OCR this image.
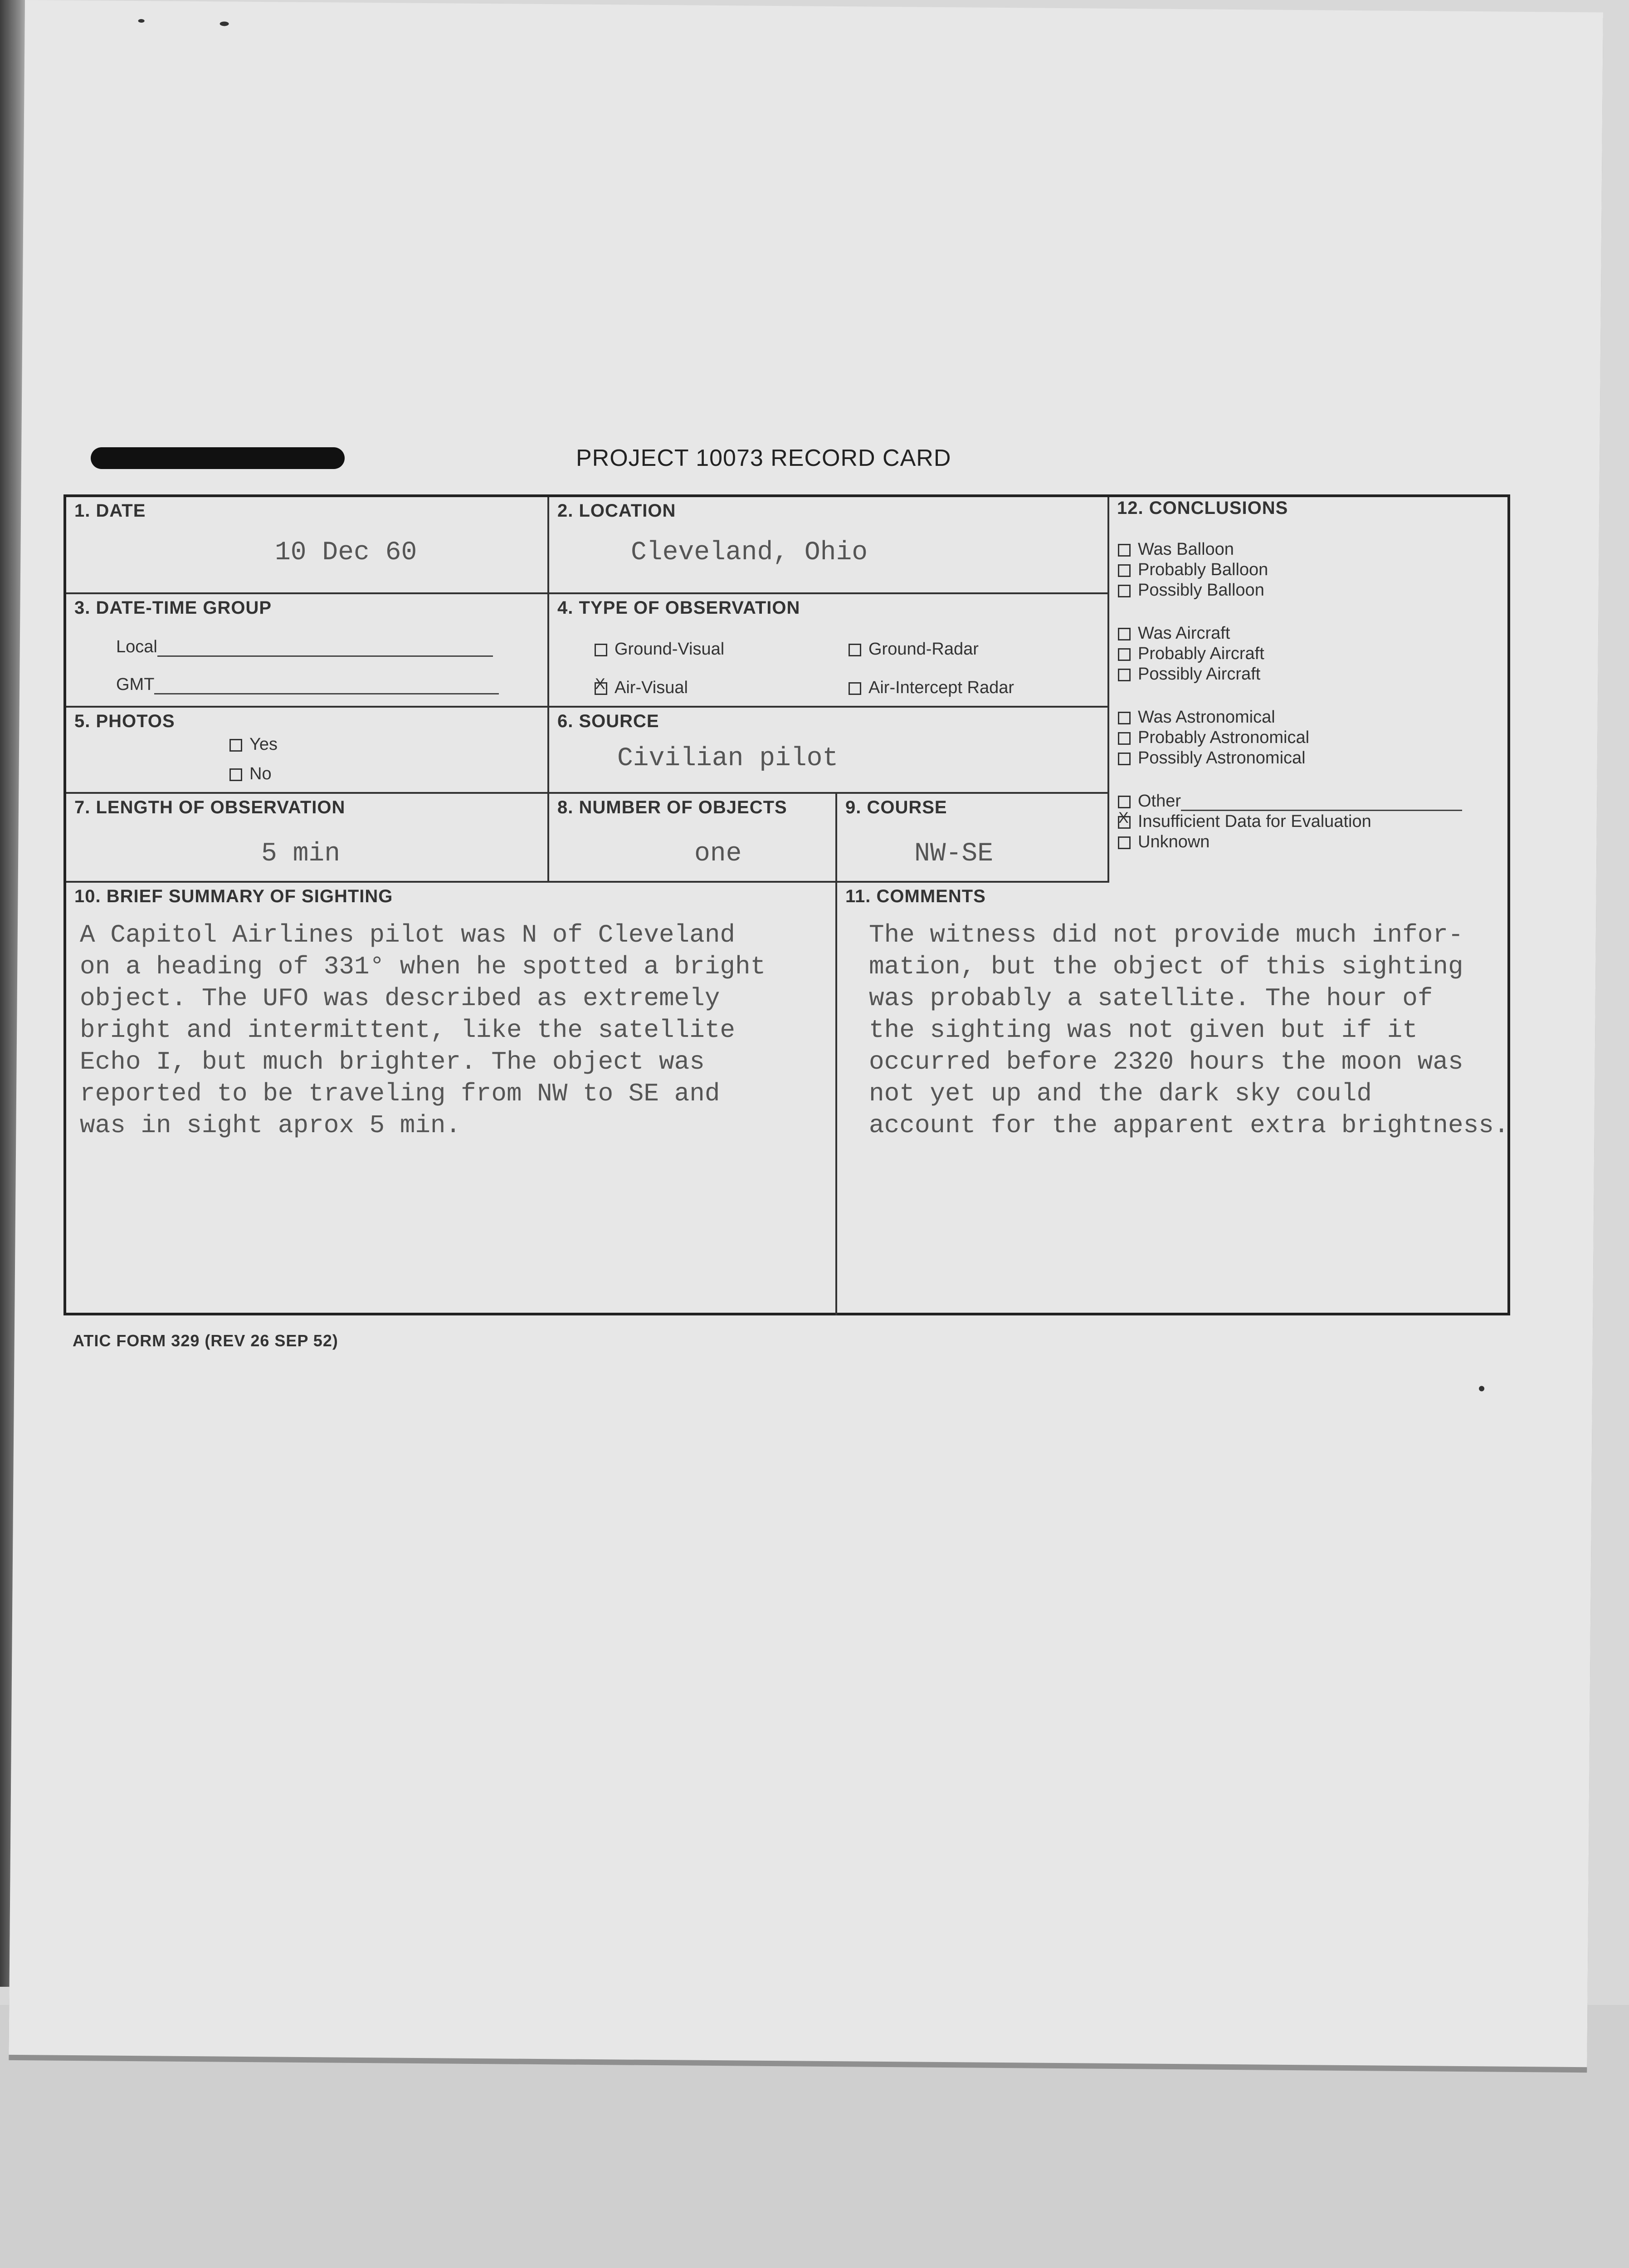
PROJECT 10073 RECORD CARD
1. DATE
10 Dec 60
2. LOCATION
Cleveland, Ohio
3. DATE-TIME GROUP
Local
GMT
4. TYPE OF OBSERVATION
Ground-Visual	Ground-Radar
X Air-Visual	Air-Intercept Radar
5. PHOTOS
Yes
No
6. SOURCE
Civilian pilot
7. LENGTH OF OBSERVATION
5 min
8. NUMBER OF OBJECTS
one
9. COURSE
NW-SE
10. BRIEF SUMMARY OF SIGHTING
A Capitol Airlines pilot was N of Cleveland
on a heading of 331° when he spotted a bright
object. The UFO was described as extremely
bright and intermittent, like the satellite
Echo I, but much brighter. The object was
reported to be traveling from NW to SE and
was in sight aprox 5 min.
11. COMMENTS
The witness did not provide much infor-
mation, but the object of this sighting
was probably a satellite. The hour of
the sighting was not given but if it
occurred before 2320 hours the moon was
not yet up and the dark sky could
account for the apparent extra brightness.
12. CONCLUSIONS
Was Balloon
Probably Balloon
Possibly Balloon
Was Aircraft
Probably Aircraft
Possibly Aircraft
Was Astronomical
Probably Astronomical
Possibly Astronomical
Other
X Insufficient Data for Evaluation
Unknown
ATIC FORM 329 (REV 26 SEP 52)
